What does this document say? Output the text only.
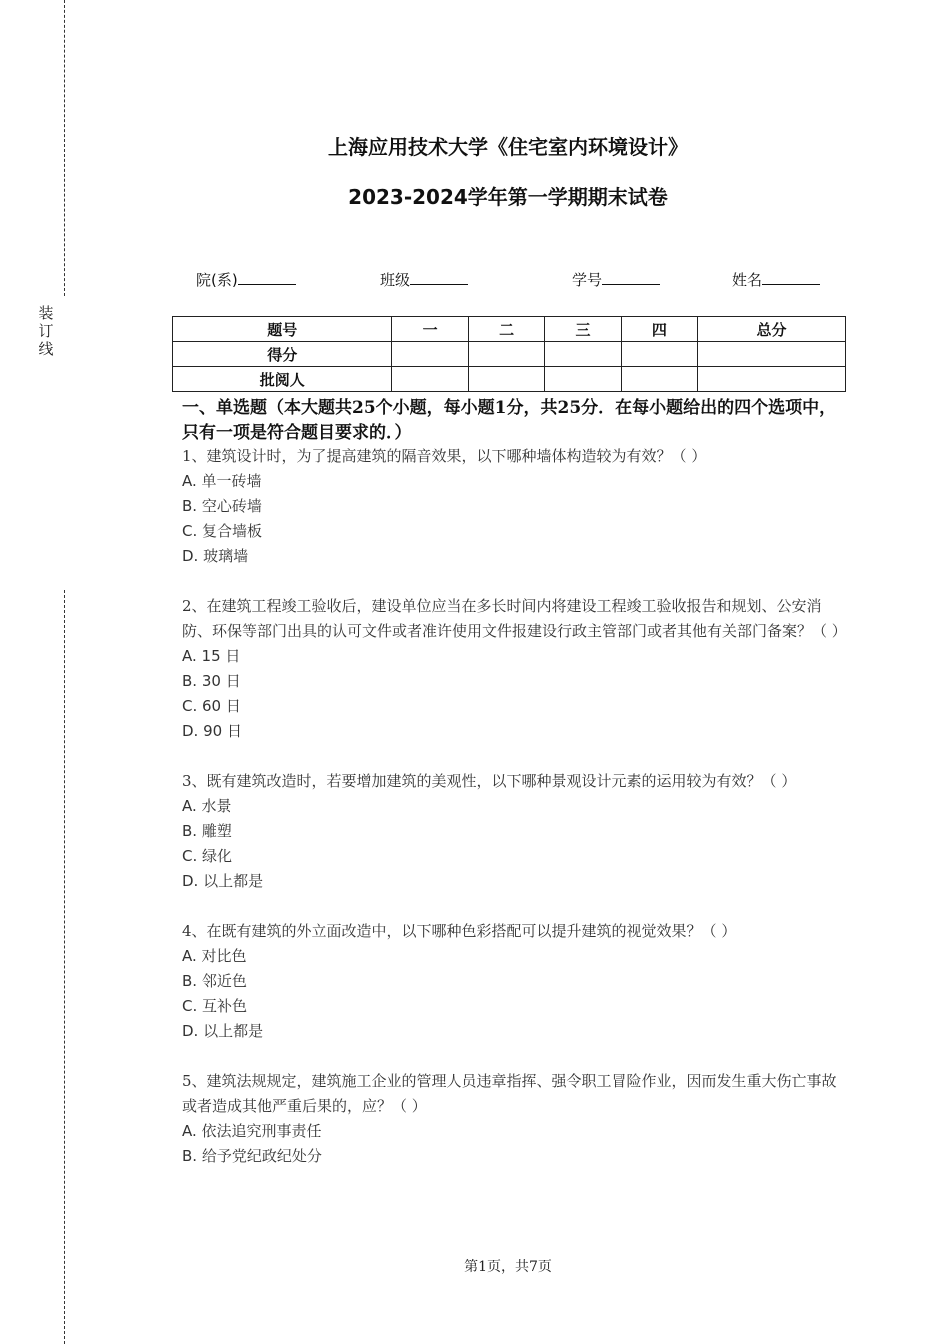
装
订
线
上海应用技术大学《住宅室内环境设计》
2023-2024学年第一学期期末试卷
院(系)	班级	学号	姓名
题号	一	二	三	四	总分
得分					
批阅人					
一、单选题（本大题共25个小题，每小题1分，共25分．在每小题给出的四个选项中，只有一项是符合题目要求的．）

1、建筑设计时，为了提高建筑的隔音效果，以下哪种墙体构造较为有效？（ ）

A. 单一砖墙

B. 空心砖墙

C. 复合墙板

D. 玻璃墙

2、在建筑工程竣工验收后，建设单位应当在多长时间内将建设工程竣工验收报告和规划、公安消防、环保等部门出具的认可文件或者准许使用文件报建设行政主管部门或者其他有关部门备案？（ ）

A. 15 日

B. 30 日

C. 60 日

D. 90 日

3、既有建筑改造时，若要增加建筑的美观性，以下哪种景观设计元素的运用较为有效？（ ）

A. 水景

B. 雕塑

C. 绿化

D. 以上都是

4、在既有建筑的外立面改造中，以下哪种色彩搭配可以提升建筑的视觉效果？（ ）

A. 对比色

B. 邻近色

C. 互补色

D. 以上都是

5、建筑法规规定，建筑施工企业的管理人员违章指挥、强令职工冒险作业，因而发生重大伤亡事故或者造成其他严重后果的，应？（ ）

A. 依法追究刑事责任

B. 给予党纪政纪处分

第1页，共7页
